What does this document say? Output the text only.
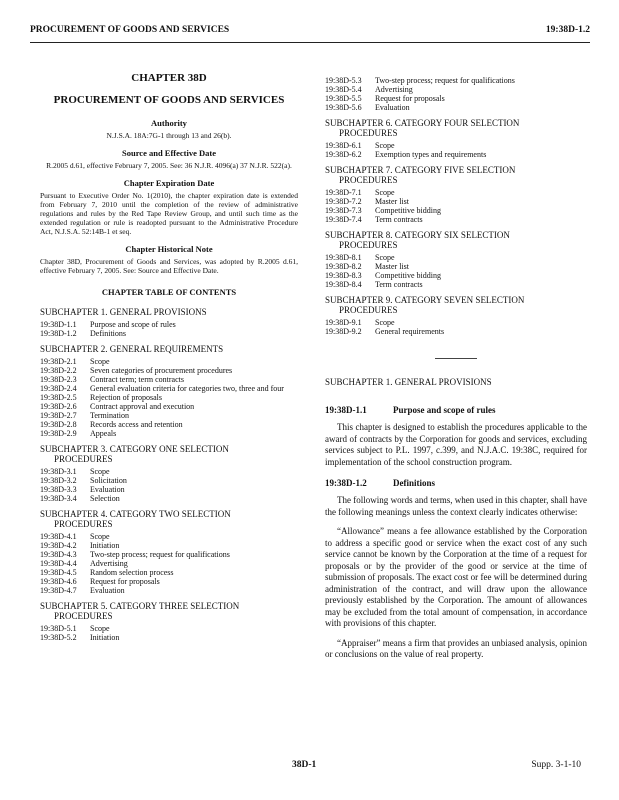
PROCUREMENT OF GOODS AND SERVICES	19:38D-1.2
CHAPTER 38D
PROCUREMENT OF GOODS AND SERVICES
Authority
N.J.S.A. 18A:7G-1 through 13 and 26(b).
Source and Effective Date
R.2005 d.61, effective February 7, 2005. See: 36 N.J.R. 4096(a) 37 N.J.R. 522(a).
Chapter Expiration Date
Pursuant to Executive Order No. 1(2010), the chapter expiration date is extended from February 7, 2010 until the completion of the review of administrative regulations and rules by the Red Tape Review Group, and until such time as the extended regulation or rule is readopted pursuant to the Administrative Procedure Act, N.J.S.A. 52:14B-1 et seq.
Chapter Historical Note
Chapter 38D, Procurement of Goods and Services, was adopted by R.2005 d.61, effective February 7, 2005. See: Source and Effective Date.
CHAPTER TABLE OF CONTENTS
SUBCHAPTER 1. GENERAL PROVISIONS
19:38D-1.1	Purpose and scope of rules
19:38D-1.2	Definitions
SUBCHAPTER 2. GENERAL REQUIREMENTS
19:38D-2.1	Scope
19:38D-2.2	Seven categories of procurement procedures
19:38D-2.3	Contract term; term contracts
19:38D-2.4	General evaluation criteria for categories two, three and four
19:38D-2.5	Rejection of proposals
19:38D-2.6	Contract approval and execution
19:38D-2.7	Termination
19:38D-2.8	Records access and retention
19:38D-2.9	Appeals
SUBCHAPTER 3. CATEGORY ONE SELECTION
PROCEDURES
19:38D-3.1	Scope
19:38D-3.2	Solicitation
19:38D-3.3	Evaluation
19:38D-3.4	Selection
SUBCHAPTER 4. CATEGORY TWO SELECTION
PROCEDURES
19:38D-4.1	Scope
19:38D-4.2	Initiation
19:38D-4.3	Two-step process; request for qualifications
19:38D-4.4	Advertising
19:38D-4.5	Random selection process
19:38D-4.6	Request for proposals
19:38D-4.7	Evaluation
SUBCHAPTER 5. CATEGORY THREE SELECTION
PROCEDURES
19:38D-5.1	Scope
19:38D-5.2	Initiation
19:38D-5.3	Two-step process; request for qualifications
19:38D-5.4	Advertising
19:38D-5.5	Request for proposals
19:38D-5.6	Evaluation
SUBCHAPTER 6. CATEGORY FOUR SELECTION
PROCEDURES
19:38D-6.1	Scope
19:38D-6.2	Exemption types and requirements
SUBCHAPTER 7. CATEGORY FIVE SELECTION
PROCEDURES
19:38D-7.1	Scope
19:38D-7.2	Master list
19:38D-7.3	Competitive bidding
19:38D-7.4	Term contracts
SUBCHAPTER 8. CATEGORY SIX SELECTION
PROCEDURES
19:38D-8.1	Scope
19:38D-8.2	Master list
19:38D-8.3	Competitive bidding
19:38D-8.4	Term contracts
SUBCHAPTER 9. CATEGORY SEVEN SELECTION
PROCEDURES
19:38D-9.1	Scope
19:38D-9.2	General requirements
SUBCHAPTER 1. GENERAL PROVISIONS
19:38D-1.1	Purpose and scope of rules

This chapter is designed to establish the procedures applicable to the award of contracts by the Corporation for goods and services, excluding services subject to P.L. 1997, c.399, and N.J.A.C. 19:38C, required for implementation of the school construction program.

19:38D-1.2	Definitions

The following words and terms, when used in this chapter, shall have the following meanings unless the context clearly indicates otherwise:

“Allowance” means a fee allowance established by the Corporation to address a specific good or service when the exact cost of any such service cannot be known by the Corporation at the time of a request for proposals or by the provider of the good or service at the time of submission of proposals. The exact cost or fee will be determined during administration of the contract, and will draw upon the allowance previously established by the Corporation. The amount of allowances may be excluded from the total amount of compensation, in accordance with provisions of this chapter.

“Appraiser” means a firm that provides an unbiased analysis, opinion or conclusions on the value of real property.

38D-1	Supp. 3-1-10
